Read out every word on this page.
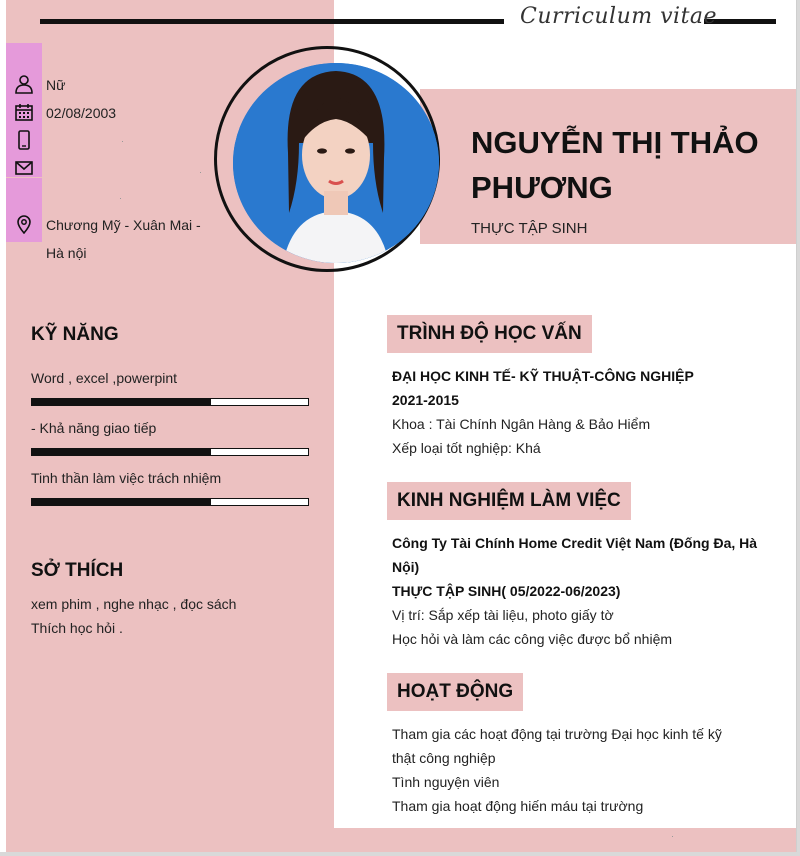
Curriculum vitae
Nữ
02/08/2003
Chương Mỹ - Xuân Mai -
Hà nội
NGUYỄN THỊ THẢO
PHƯƠNG
THỰC TẬP SINH
KỸ NĂNG
Word , excel ,powerpint
- Khả năng giao tiếp
Tinh thần làm việc trách nhiệm
SỞ THÍCH
xem phim , nghe nhạc , đọc sách
Thích học hỏi .
TRÌNH ĐỘ HỌC VẤN
ĐẠI HỌC KINH TẾ- KỸ THUẬT-CÔNG NGHIỆP
2021-2015
Khoa : Tài Chính Ngân Hàng & Bảo Hiểm
Xếp loại tốt nghiệp: Khá
KINH NGHIỆM LÀM VIỆC
Công Ty Tài Chính Home Credit Việt Nam (Đống Đa, Hà
Nội)
THỰC TẬP SINH( 05/2022-06/2023)
Vị trí: Sắp xếp tài liệu, photo giấy tờ
Học hỏi và làm các công việc được bổ nhiệm
HOẠT ĐỘNG
Tham gia các hoạt động tại trường Đại học kinh tế kỹ
thật công nghiệp
Tình nguyện viên
Tham gia hoạt động hiến máu tại trường
